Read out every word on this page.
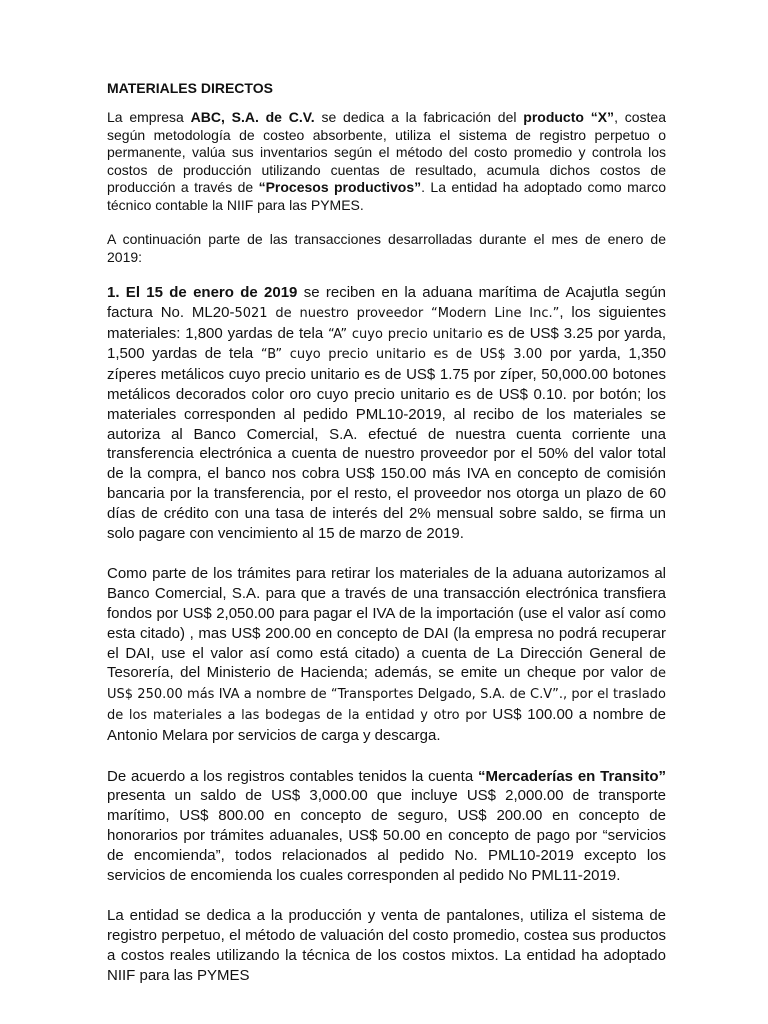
MATERIALES DIRECTOS

La empresa ABC, S.A. de C.V. se dedica a la fabricación del producto “X”, costea según metodología de costeo absorbente, utiliza el sistema de registro perpetuo o permanente, valúa sus inventarios según el método del costo promedio y controla los costos de producción utilizando cuentas de resultado, acumula dichos costos de producción a través de “Procesos productivos”. La entidad ha adoptado como marco técnico contable la NIIF para las PYMES.

A continuación parte de las transacciones desarrolladas durante el mes de enero de 2019:

1. El 15 de enero de 2019 se reciben en la aduana marítima de Acajutla según factura No. ML20-5021 de nuestro proveedor “Modern Line Inc.”, los siguientes materiales: 1,800 yardas de tela “A” cuyo precio unitario es de US$ 3.25 por yarda, 1,500 yardas de tela “B” cuyo precio unitario es de US$ 3.00 por yarda, 1,350 zíperes metálicos cuyo precio unitario es de US$ 1.75 por zíper, 50,000.00 botones metálicos decorados color oro cuyo precio unitario es de US$ 0.10. por botón; los materiales corresponden al pedido PML10-2019, al recibo de los materiales se autoriza al Banco Comercial, S.A. efectué de nuestra cuenta corriente una transferencia electrónica a cuenta de nuestro proveedor por el 50% del valor total de la compra, el banco nos cobra US$ 150.00 más IVA en concepto de comisión bancaria por la transferencia, por el resto, el proveedor nos otorga un plazo de 60 días de crédito con una tasa de interés del 2% mensual sobre saldo, se firma un solo pagare con vencimiento al 15 de marzo de 2019.

Como parte de los trámites para retirar los materiales de la aduana autorizamos al Banco Comercial, S.A. para que a través de una transacción electrónica transfiera fondos por US$ 2,050.00 para pagar el IVA de la importación (use el valor así como esta citado) , mas US$ 200.00 en concepto de DAI (la empresa no podrá recuperar el DAI, use el valor así como está citado) a cuenta de La Dirección General de Tesorería, del Ministerio de Hacienda; además, se emite un cheque por valor de US$ 250.00 más IVA a nombre de “Transportes Delgado, S.A. de C.V”., por el traslado de los materiales a las bodegas de la entidad y otro por US$ 100.00 a nombre de Antonio Melara por servicios de carga y descarga.

De acuerdo a los registros contables tenidos la cuenta “Mercaderías en Transito” presenta un saldo de US$ 3,000.00 que incluye US$ 2,000.00 de transporte marítimo, US$ 800.00 en concepto de seguro, US$ 200.00 en concepto de honorarios por trámites aduanales, US$ 50.00 en concepto de pago por “servicios de encomienda”, todos relacionados al pedido No. PML10-2019 excepto los servicios de encomienda los cuales corresponden al pedido No PML11-2019.

La entidad se dedica a la producción y venta de pantalones, utiliza el sistema de registro perpetuo, el método de valuación del costo promedio, costea sus productos a costos reales utilizando la técnica de los costos mixtos. La entidad ha adoptado NIIF para las PYMES
